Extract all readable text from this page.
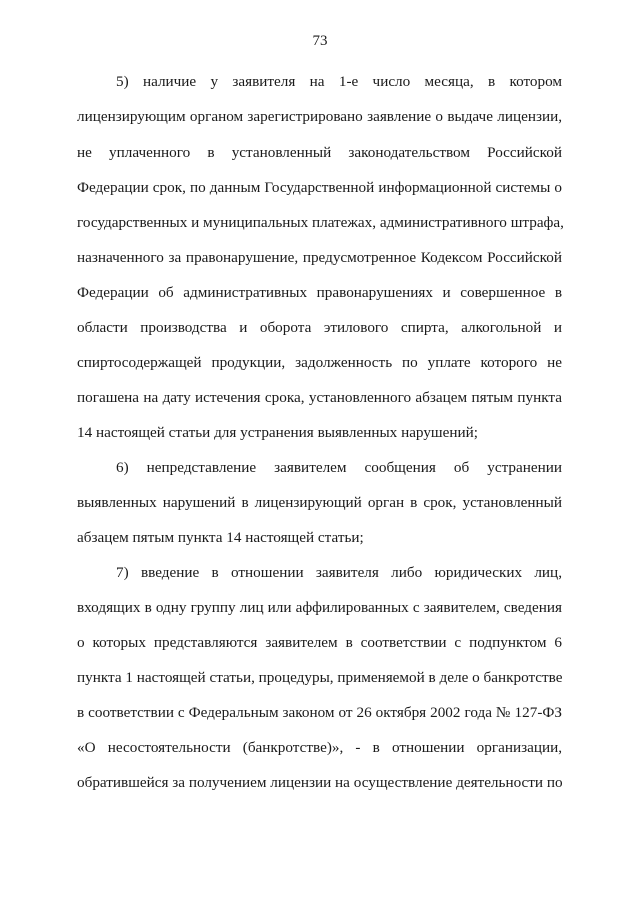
73
5) наличие у заявителя на 1-е число месяца, в котором
лицензирующим органом зарегистрировано заявление о выдаче лицензии,
не уплаченного в установленный законодательством Российской
Федерации срок, по данным Государственной информационной системы о
государственных и муниципальных платежах, административного штрафа,
назначенного за правонарушение, предусмотренное Кодексом Российской
Федерации об административных правонарушениях и совершенное в
области производства и оборота этилового спирта, алкогольной и
спиртосодержащей продукции, задолженность по уплате которого не
погашена на дату истечения срока, установленного абзацем пятым пункта
14 настоящей статьи для устранения выявленных нарушений;
6) непредставление заявителем сообщения об устранении
выявленных нарушений в лицензирующий орган в срок, установленный
абзацем пятым пункта 14 настоящей статьи;
7) введение в отношении заявителя либо юридических лиц,
входящих в одну группу лиц или аффилированных с заявителем, сведения
о которых представляются заявителем в соответствии с подпунктом 6
пункта 1 настоящей статьи, процедуры, применяемой в деле о банкротстве
в соответствии с Федеральным законом от 26 октября 2002 года № 127-ФЗ
«О несостоятельности (банкротстве)», - в отношении организации,
обратившейся за получением лицензии на осуществление деятельности по
